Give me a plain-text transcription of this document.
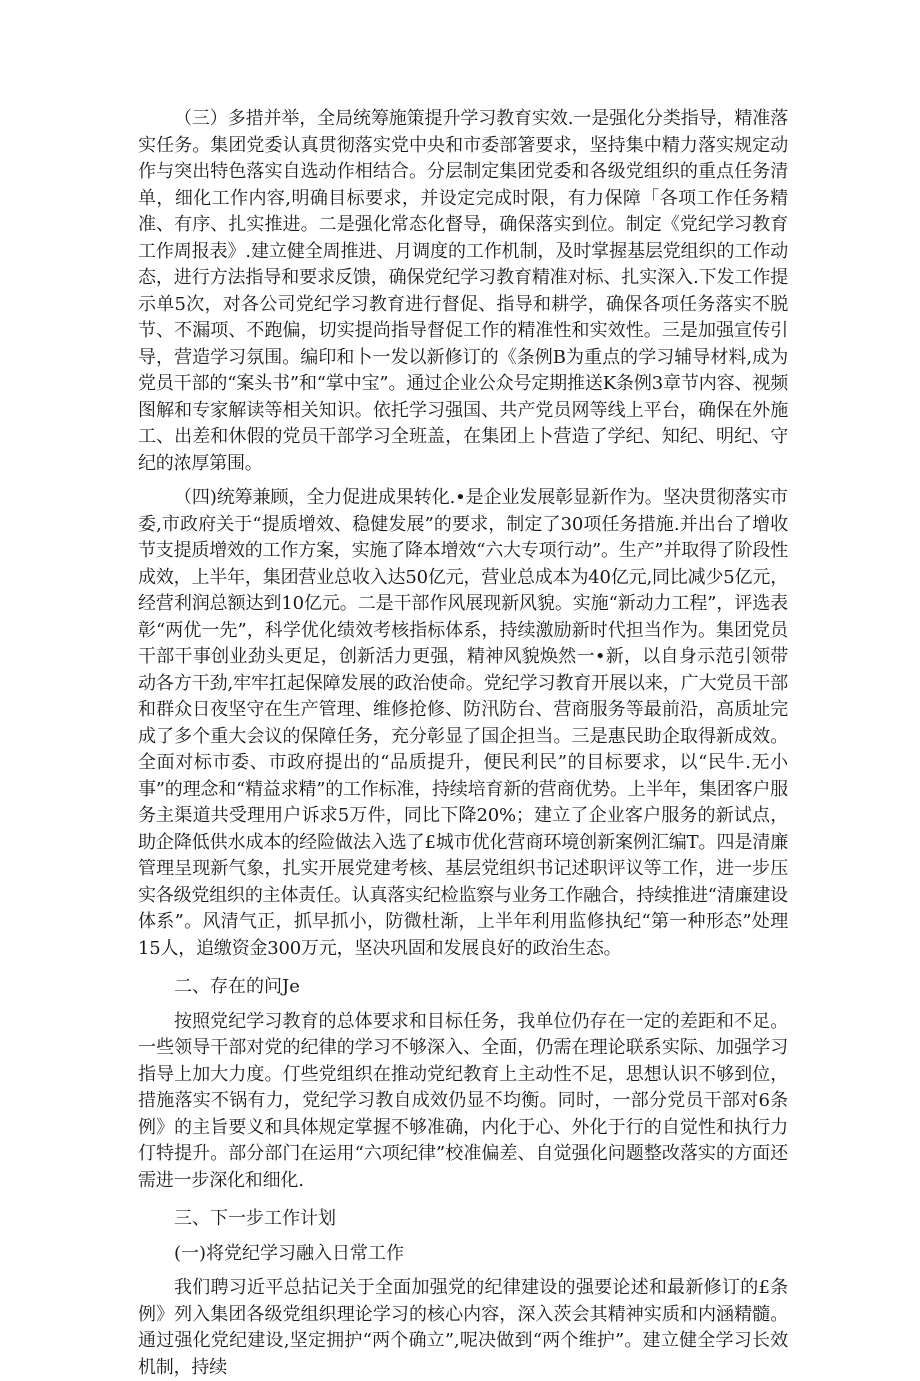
（三）多措并举，全局统筹施策提升学习教育实效.一是强化分类指导，精准落实任务。集团党委认真贯彻落实党中央和市委部箸要求，坚持集中精力落实规定动作与突出特色落实自选动作相结合。分层制定集团党委和各级党组织的重点任务清单，细化工作内容,明确目标要求，并设定完成时限，有力保障「各项工作任务精准、有序、扎实推进。二是强化常态化督导，确保落实到位。制定《党纪学习教育工作周报表》.建立健全周推进、月调度的工作机制，及时掌握基层党组织的工作动态，进行方法指导和要求反馈，确保党纪学习教育精准对标、扎实深入.下发工作提示单5次，对各公司党纪学习教育进行督促、指导和耕学，确保各项任务落实不脱节、不漏项、不跑偏，切实提尚指导督促工作的精准性和实效性。三是加强宣传引导，营造学习氛围。编印和卜一发以新修订的《条例B为重点的学习辅导材料,成为党员干部的“案头书”和“掌中宝”。通过企业公众号定期推送K条例3章节内容、视频图解和专家解读等相关知识。依托学习强国、共产党员网等线上平台，确保在外施工、出差和休假的党员干部学习全班盖，在集团上卜营造了学纪、知纪、明纪、守纪的浓厚第围。

（四)统筹兼顾，全力促进成果转化.•是企业发展彰显新作为。坚决贯彻落实市委,市政府关于“提质增效、稳健发展”的要求，制定了30项任务措施.并出台了增收节支提质增效的工作方案，实施了降本增效“六大专项行动”。生产”并取得了阶段性成效，上半年，集团营业总收入达50亿元，营业总成本为40亿元,同比减少5亿元，经营利润总额达到10亿元。二是干部作风展现新风貌。实施“新动力工程”，评选表彰“两优一先”，科学优化绩效考核指标体系，持续激励新时代担当作为。集团党员干部干事创业劲头更足，创新活力更强，精神风貌焕然一•新，以自身示范引领带动各方干劲,牢牢扛起保障发展的政治使命。党纪学习教育开展以来，广大党员干部和群众日夜坚守在生产管理、维修抢修、防汛防台、营商服务等最前沿，高质址完成了多个重大会议的保障任务，充分彰显了国企担当。三是惠民助企取得新成效。全面对标市委、市政府提出的“品质提升，便民利民”的目标要求，以“民牛.无小事”的理念和“精益求精”的工作标准，持续培育新的营商优势。上半年，集团客户服务主渠道共受理用户诉求5万件，同比下降20%；建立了企业客户服务的新试点，助企降低供水成本的经险做法入选了£城市优化营商环境创新案例汇编T。四是清廉管理呈现新气象，扎实开展党建考核、基层党组织书记述职评议等工作，进一步压实各级党组织的主体责任。认真落实纪检监察与业务工作融合，持续推进“清廉建设体系”。风清气正，抓早抓小，防微杜渐，上半年利用监修执纪“第一种形态”处理15人，追缴资金300万元，坚决巩固和发展良好的政治生态。

二、存在的问Je

按照党纪学习教育的总体要求和目标任务，我单位仍存在一定的差距和不足。一些领导干部对党的纪律的学习不够深入、全面，仍需在理论联系实际、加强学习指导上加大力度。仃些党组织在推动党纪教育上主动性不足，思想认识不够到位，措施落实不锅有力，党纪学习教自成效仍显不均衡。同时，一部分党员干部对6条例》的主旨要义和具体规定掌握不够准确，内化于心、外化于行的自觉性和执行力仃特提升。部分部门在运用“六项纪律”校准偏差、自觉强化问题整改落实的方面还需进一步深化和细化.

三、下一步工作计划

(一)将党纪学习融入日常工作

我们聘习近平总拈记关于全面加强党的纪律建设的强要论述和最新修订的£条例》列入集团各级党组织理论学习的核心内容，深入茨会其精神实质和内涵精髓。通过强化党纪建设,坚定拥护“两个确立”,呢决做到“两个维护”。建立健全学习长效机制，持续
